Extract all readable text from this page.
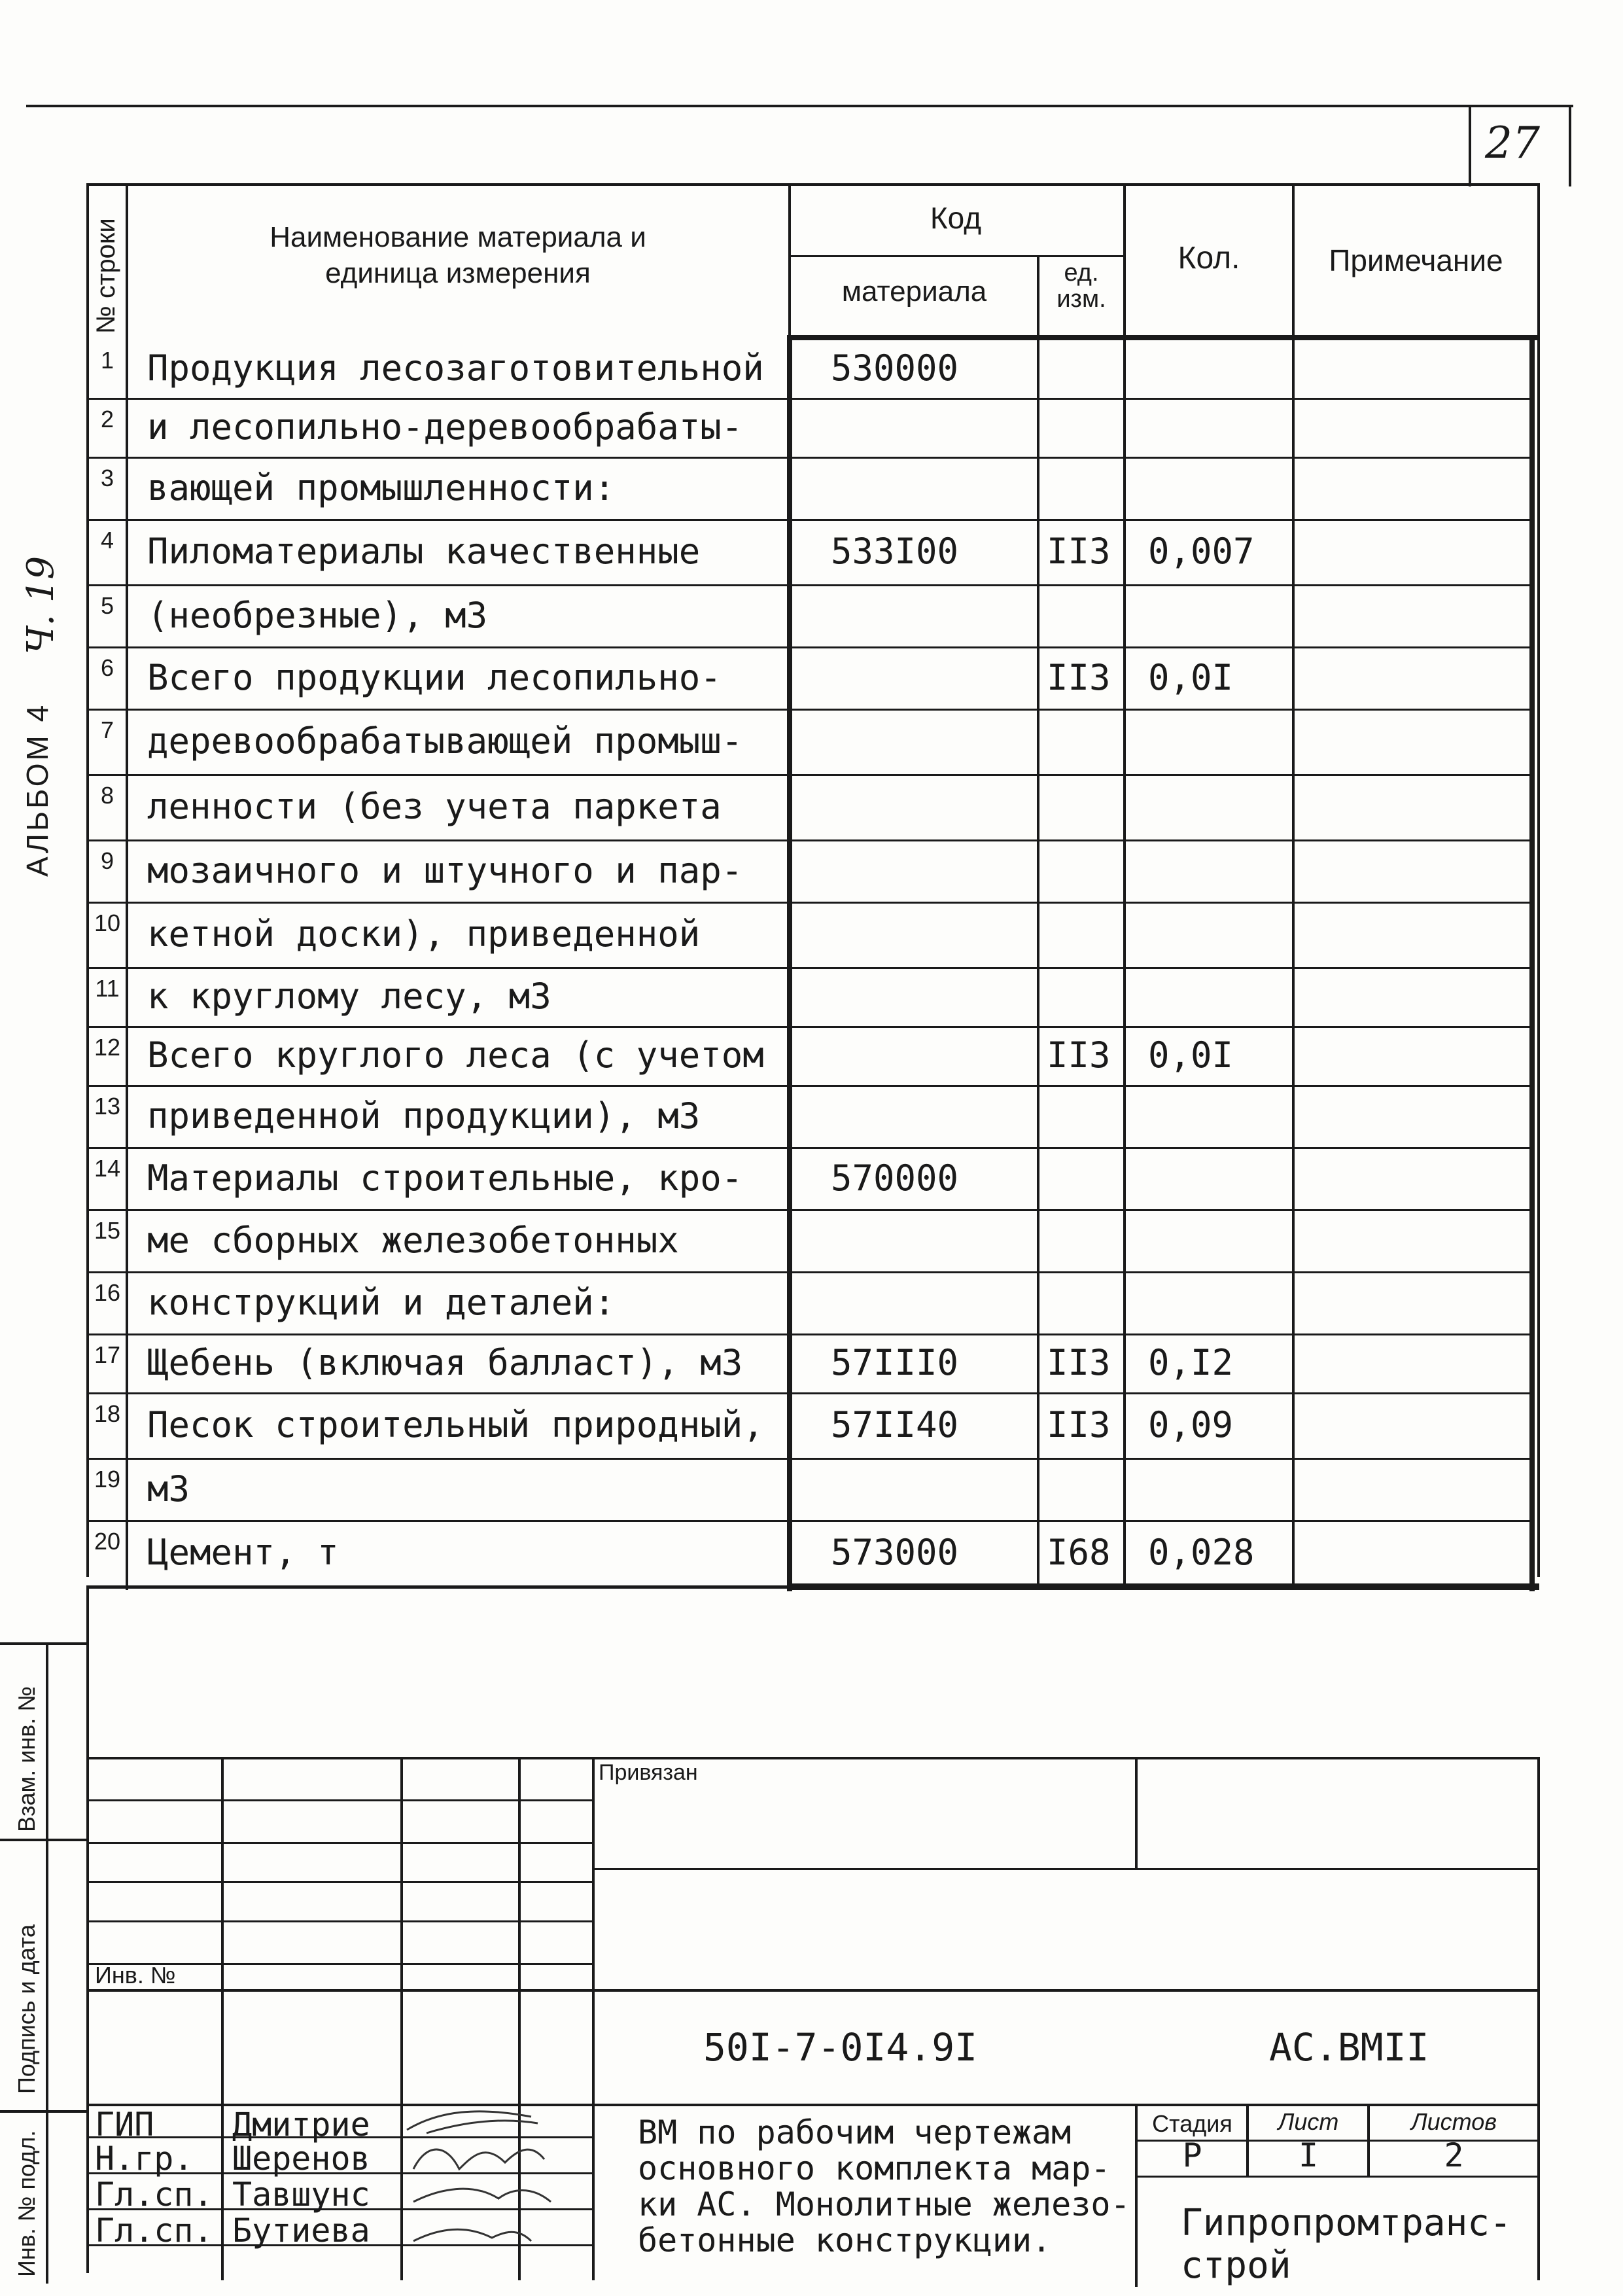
27
АЛЬБОМ 4
Ч. 19
№ строки	Наименование материала и единица измерения
Код
материала
ед. изм.
Кол.	Примечание
1 Продукция лесозаготовительной 530000
2 и лесопильно-деревообрабаты-
3 вающей промышленности:
4 Пиломатериалы качественные	533I00 II3 0,007
5 (необрезные), м3
6 Всего продукции лесопильно-	II3 0,0I
7 деревообрабатывающей промыш-
8 ленности (без учета паркета
9 мозаичного и штучного и пар-
10 кетной доски), приведенной
11 к круглому лесу, м3
12 Всего круглого леса (с учетом	II3 0,0I
13 приведенной продукции), м3
14 Материалы строительные, кро- 570000
15 ме сборных железобетонных
16 конструкций и деталей:
17 Щебень (включая балласт), м3 57III0 II3 0,I2
18 Песок строительный природный, 57II40 II3 0,09
19 м3
20 Цемент, т	573000 I68 0,028
Взам. инв. №
Подпись и дата
Инв. № подл.
Привязан
Инв. №
50I-7-0I4.9I	АС.ВМII
ГИП Дмитрие
Н.гр. Шеренов
Гл.сп. Тавшунс
Гл.сп. Бутиева
ВМ по рабочим чертежам
основного комплекта мар-
ки АС. Монолитные железо-
бетонные конструкции.
Стадия	Лист	Листов
Р	I	2
Гипропромтранс-
строй
